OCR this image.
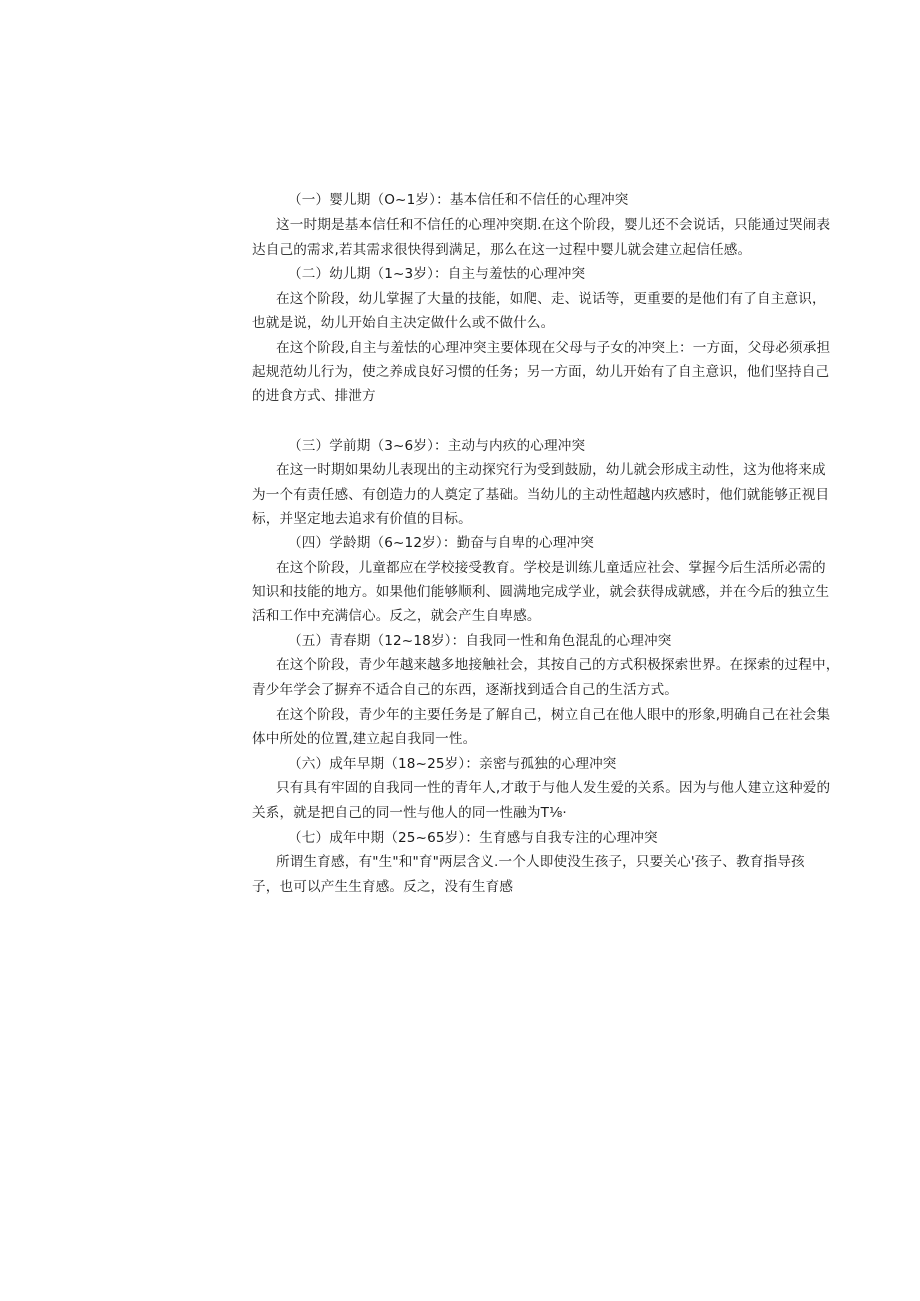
（一）婴儿期（O~1岁）：基本信任和不信任的心理冲突

这一时期是基本信任和不信任的心理冲突期.在这个阶段，婴儿还不会说话，只能通过哭闹表

达自己的需求,若其需求很快得到满足，那么在这一过程中婴儿就会建立起信任感。

（二）幼儿期（1~3岁）：自主与羞怯的心理冲突

在这个阶段，幼儿掌握了大量的技能，如爬、走、说话等，更重要的是他们有了自主意识，

也就是说，幼儿开始自主决定做什么或不做什么。

在这个阶段,自主与羞怯的心理冲突主要体现在父母与子女的冲突上：一方面，父母必须承担

起规范幼儿行为，使之养成良好习惯的任务；另一方面，幼儿开始有了自主意识，他们坚持自己

的进食方式、排泄方

（三）学前期（3~6岁）：主动与内疚的心理冲突

在这一时期如果幼儿表现出的主动探究行为受到鼓励，幼儿就会形成主动性，这为他将来成

为一个有责任感、有创造力的人奠定了基础。当幼儿的主动性超越内疚感时，他们就能够正视目

标，并坚定地去追求有价值的目标。

（四）学龄期（6~12岁）：勤奋与自卑的心理冲突

在这个阶段，儿童都应在学校接受教育。学校是训练儿童适应社会、掌握今后生活所必需的

知识和技能的地方。如果他们能够顺利、圆满地完成学业，就会获得成就感，并在今后的独立生

活和工作中充满信心。反之，就会产生自卑感。

（五）青春期（12~18岁）：自我同一性和角色混乱的心理冲突

在这个阶段，青少年越来越多地接触社会，其按自己的方式积极探索世界。在探索的过程中，

青少年学会了摒弃不适合自己的东西，逐渐找到适合自己的生活方式。

在这个阶段，青少年的主要任务是了解自己，树立自己在他人眼中的形象,明确自己在社会集

体中所处的位置,建立起自我同一性。

（六）成年早期（18~25岁）：亲密与孤独的心理冲突

只有具有牢固的自我同一性的青年人,才敢于与他人发生爱的关系。因为与他人建立这种爱的

关系，就是把自己的同一性与他人的同一性融为T⅛·

（七）成年中期（25~65岁）：生育感与自我专注的心理冲突

所谓生育感，有"生"和"育"两层含义.一个人即使没生孩子，只要关心'孩子、教育指导孩

子，也可以产生生育感。反之，没有生育感
